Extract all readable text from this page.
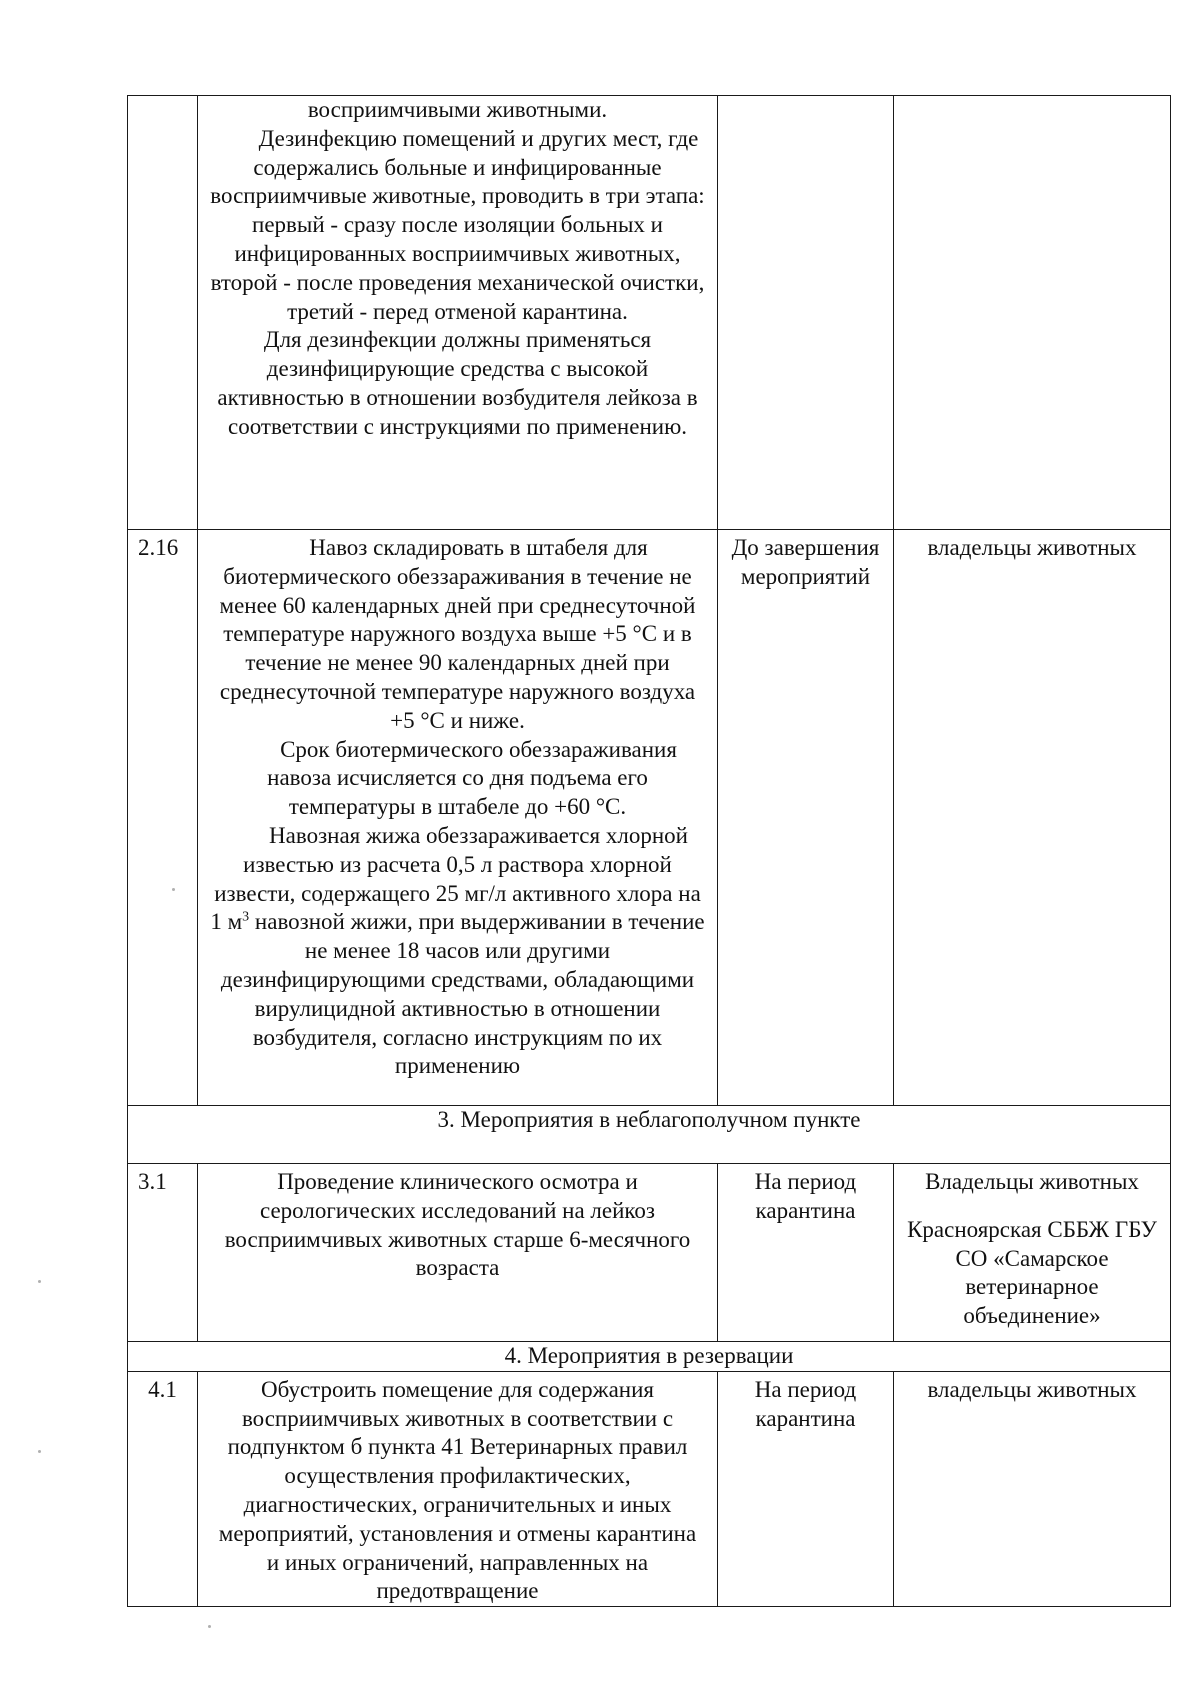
	восприимчивыми животными.

Дезинфекцию помещений и других мест, где содержались больные и инфицированные восприимчивые животные, проводить в три этапа: первый - сразу после изоляции больных и инфицированных восприимчивых животных, второй - после проведения механической очистки, третий - перед отменой карантина.

Для дезинфекции должны применяться дезинфицирующие средства с высокой активностью в отношении возбудителя лейкоза в соответствии с инструкциями по применению.		

2.16	Навоз складировать в штабеля для биотермического обеззараживания в течение не менее 60 календарных дней при среднесуточной температуре наружного воздуха выше +5 °С и в течение не менее 90 календарных дней при среднесуточной температуре наружного воздуха +5 °С и ниже.

Срок биотермического обеззараживания навоза исчисляется со дня подъема его температуры в штабеле до +60 °С.

Навозная жижа обеззараживается хлорной известью из расчета 0,5 л раствора хлорной извести, содержащего 25 мг/л активного хлора на 1 $м^3$ навозной жижи, при выдерживании в течение не менее 18 часов или другими дезинфицирующими средствами, обладающими вирулицидной активностью в отношении возбудителя, согласно инструкциям по их применению	До завершения мероприятий	владельцы животных
3. Мероприятия в неблагополучном пункте			
3.1	Проведение клинического осмотра и серологических исследований на лейкоз восприимчивых животных старше 6-месячного возраста	На период карантина	Владельцы животных

Красноярская СББЖ ГБУ СО «Самарское ветеринарное объединение»

4. Мероприятия в резервации			
4.1	Обустроить помещение для содержания восприимчивых животных в соответствии с подпунктом б пункта 41 Ветеринарных правил осуществления профилактических, диагностических, ограничительных и иных мероприятий, установления и отмены карантина и иных ограничений, направленных на предотвращение	На период карантина	владельцы животных
